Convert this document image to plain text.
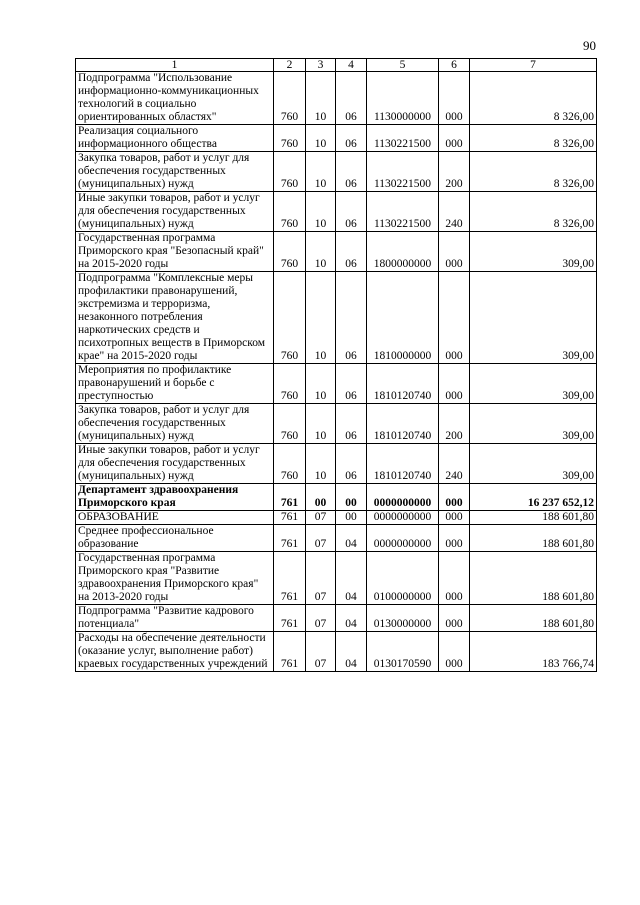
90
1	2	3	4	5	6	7
Подпрограмма "Использование информационно-коммуникационных технологий в социально ориентированных областях"	760	10	06	1130000000	000	8 326,00
Реализация социального информационного общества	760	10	06	1130221500	000	8 326,00
Закупка товаров, работ и услуг для обеспечения государственных (муниципальных) нужд	760	10	06	1130221500	200	8 326,00
Иные закупки товаров, работ и услуг для обеспечения государственных (муниципальных) нужд	760	10	06	1130221500	240	8 326,00
Государственная программа Приморского края "Безопасный край" на 2015-2020 годы	760	10	06	1800000000	000	309,00
Подпрограмма "Комплексные меры профилактики правонарушений, экстремизма и терроризма, незаконного потребления наркотических средств и психотропных веществ в Приморском крае" на 2015-2020 годы	760	10	06	1810000000	000	309,00
Мероприятия по профилактике правонарушений и борьбе с преступностью	760	10	06	1810120740	000	309,00
Закупка товаров, работ и услуг для обеспечения государственных (муниципальных) нужд	760	10	06	1810120740	200	309,00
Иные закупки товаров, работ и услуг для обеспечения государственных (муниципальных) нужд	760	10	06	1810120740	240	309,00
Департамент здравоохранения Приморского края	761	00	00	0000000000	000	16 237 652,12
ОБРАЗОВАНИЕ	761	07	00	0000000000	000	188 601,80
Среднее профессиональное образование	761	07	04	0000000000	000	188 601,80
Государственная программа Приморского края "Развитие здравоохранения Приморского края" на 2013-2020 годы	761	07	04	0100000000	000	188 601,80
Подпрограмма "Развитие кадрового потенциала"	761	07	04	0130000000	000	188 601,80
Расходы на обеспечение деятельности (оказание услуг, выполнение работ) краевых государственных учреждений	761	07	04	0130170590	000	183 766,74
